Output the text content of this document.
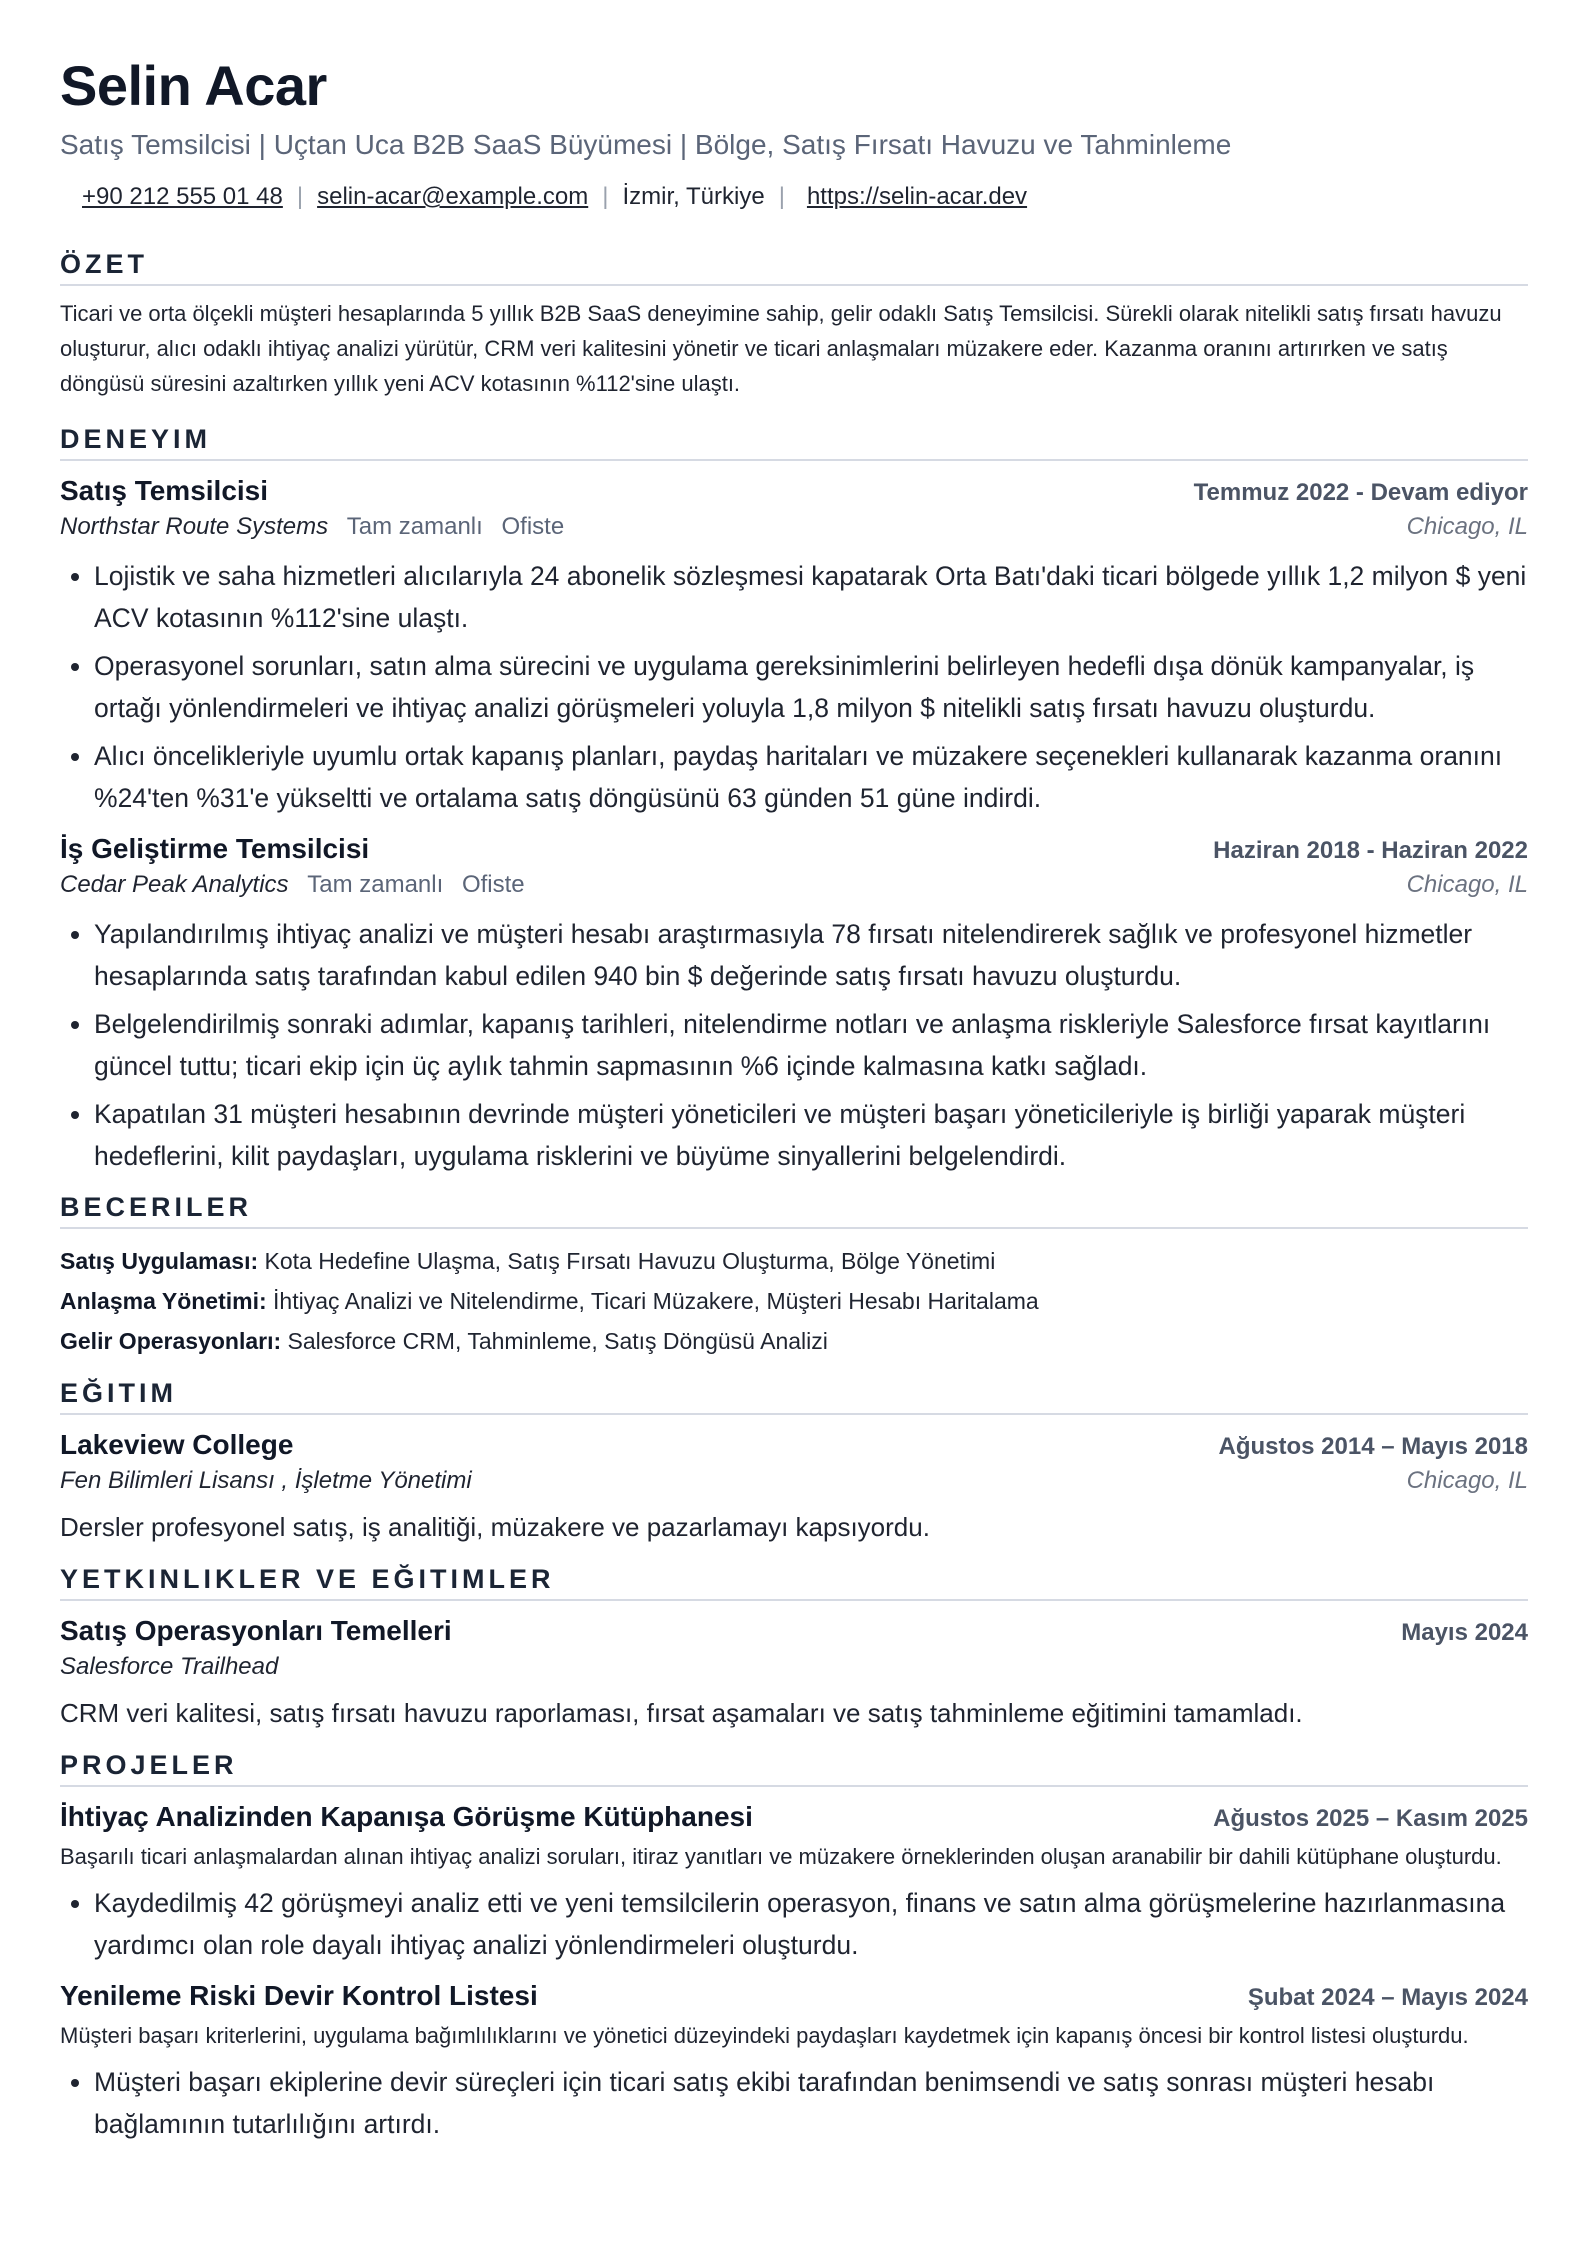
Selin Acar
Satış Temsilcisi | Uçtan Uca B2B SaaS Büyümesi | Bölge, Satış Fırsatı Havuzu ve Tahminleme
+90 212 555 01 48 | selin-acar@example.com | İzmir, Türkiye | https://selin-acar.dev
ÖZET
Ticari ve orta ölçekli müşteri hesaplarında 5 yıllık B2B SaaS deneyimine sahip, gelir odaklı Satış Temsilcisi. Sürekli olarak nitelikli satış fırsatı havuzu oluşturur, alıcı odaklı ihtiyaç analizi yürütür, CRM veri kalitesini yönetir ve ticari anlaşmaları müzakere eder. Kazanma oranını artırırken ve satış döngüsü süresini azaltırken yıllık yeni ACV kotasının %112'sine ulaştı.
DENEYIM
Satış Temsilcisi	Temmuz 2022 - Devam ediyor
Northstar Route Systems Tam zamanlı Ofiste	Chicago, IL
• Lojistik ve saha hizmetleri alıcılarıyla 24 abonelik sözleşmesi kapatarak Orta Batı'daki ticari bölgede yıllık 1,2 milyon $ yeni ACV kotasının %112'sine ulaştı.
• Operasyonel sorunları, satın alma sürecini ve uygulama gereksinimlerini belirleyen hedefli dışa dönük kampanyalar, iş ortağı yönlendirmeleri ve ihtiyaç analizi görüşmeleri yoluyla 1,8 milyon $ nitelikli satış fırsatı havuzu oluşturdu.
• Alıcı öncelikleriyle uyumlu ortak kapanış planları, paydaş haritaları ve müzakere seçenekleri kullanarak kazanma oranını %24'ten %31'e yükseltti ve ortalama satış döngüsünü 63 günden 51 güne indirdi.
İş Geliştirme Temsilcisi	Haziran 2018 - Haziran 2022
Cedar Peak Analytics Tam zamanlı Ofiste	Chicago, IL
• Yapılandırılmış ihtiyaç analizi ve müşteri hesabı araştırmasıyla 78 fırsatı nitelendirerek sağlık ve profesyonel hizmetler hesaplarında satış tarafından kabul edilen 940 bin $ değerinde satış fırsatı havuzu oluşturdu.
• Belgelendirilmiş sonraki adımlar, kapanış tarihleri, nitelendirme notları ve anlaşma riskleriyle Salesforce fırsat kayıtlarını güncel tuttu; ticari ekip için üç aylık tahmin sapmasının %6 içinde kalmasına katkı sağladı.
• Kapatılan 31 müşteri hesabının devrinde müşteri yöneticileri ve müşteri başarı yöneticileriyle iş birliği yaparak müşteri hedeflerini, kilit paydaşları, uygulama risklerini ve büyüme sinyallerini belgelendirdi.
BECERILER
Satış Uygulaması: Kota Hedefine Ulaşma, Satış Fırsatı Havuzu Oluşturma, Bölge Yönetimi
Anlaşma Yönetimi: İhtiyaç Analizi ve Nitelendirme, Ticari Müzakere, Müşteri Hesabı Haritalama
Gelir Operasyonları: Salesforce CRM, Tahminleme, Satış Döngüsü Analizi
EĞITIM
Lakeview College	Ağustos 2014 – Mayıs 2018
Fen Bilimleri Lisansı , İşletme Yönetimi	Chicago, IL
Dersler profesyonel satış, iş analitiği, müzakere ve pazarlamayı kapsıyordu.
YETKINLIKLER VE EĞITIMLER
Satış Operasyonları Temelleri	Mayıs 2024
Salesforce Trailhead
CRM veri kalitesi, satış fırsatı havuzu raporlaması, fırsat aşamaları ve satış tahminleme eğitimini tamamladı.
PROJELER
İhtiyaç Analizinden Kapanışa Görüşme Kütüphanesi	Ağustos 2025 – Kasım 2025
Başarılı ticari anlaşmalardan alınan ihtiyaç analizi soruları, itiraz yanıtları ve müzakere örneklerinden oluşan aranabilir bir dahili kütüphane oluşturdu.
• Kaydedilmiş 42 görüşmeyi analiz etti ve yeni temsilcilerin operasyon, finans ve satın alma görüşmelerine hazırlanmasına yardımcı olan role dayalı ihtiyaç analizi yönlendirmeleri oluşturdu.
Yenileme Riski Devir Kontrol Listesi	Şubat 2024 – Mayıs 2024
Müşteri başarı kriterlerini, uygulama bağımlılıklarını ve yönetici düzeyindeki paydaşları kaydetmek için kapanış öncesi bir kontrol listesi oluşturdu.
• Müşteri başarı ekiplerine devir süreçleri için ticari satış ekibi tarafından benimsendi ve satış sonrası müşteri hesabı bağlamının tutarlılığını artırdı.
